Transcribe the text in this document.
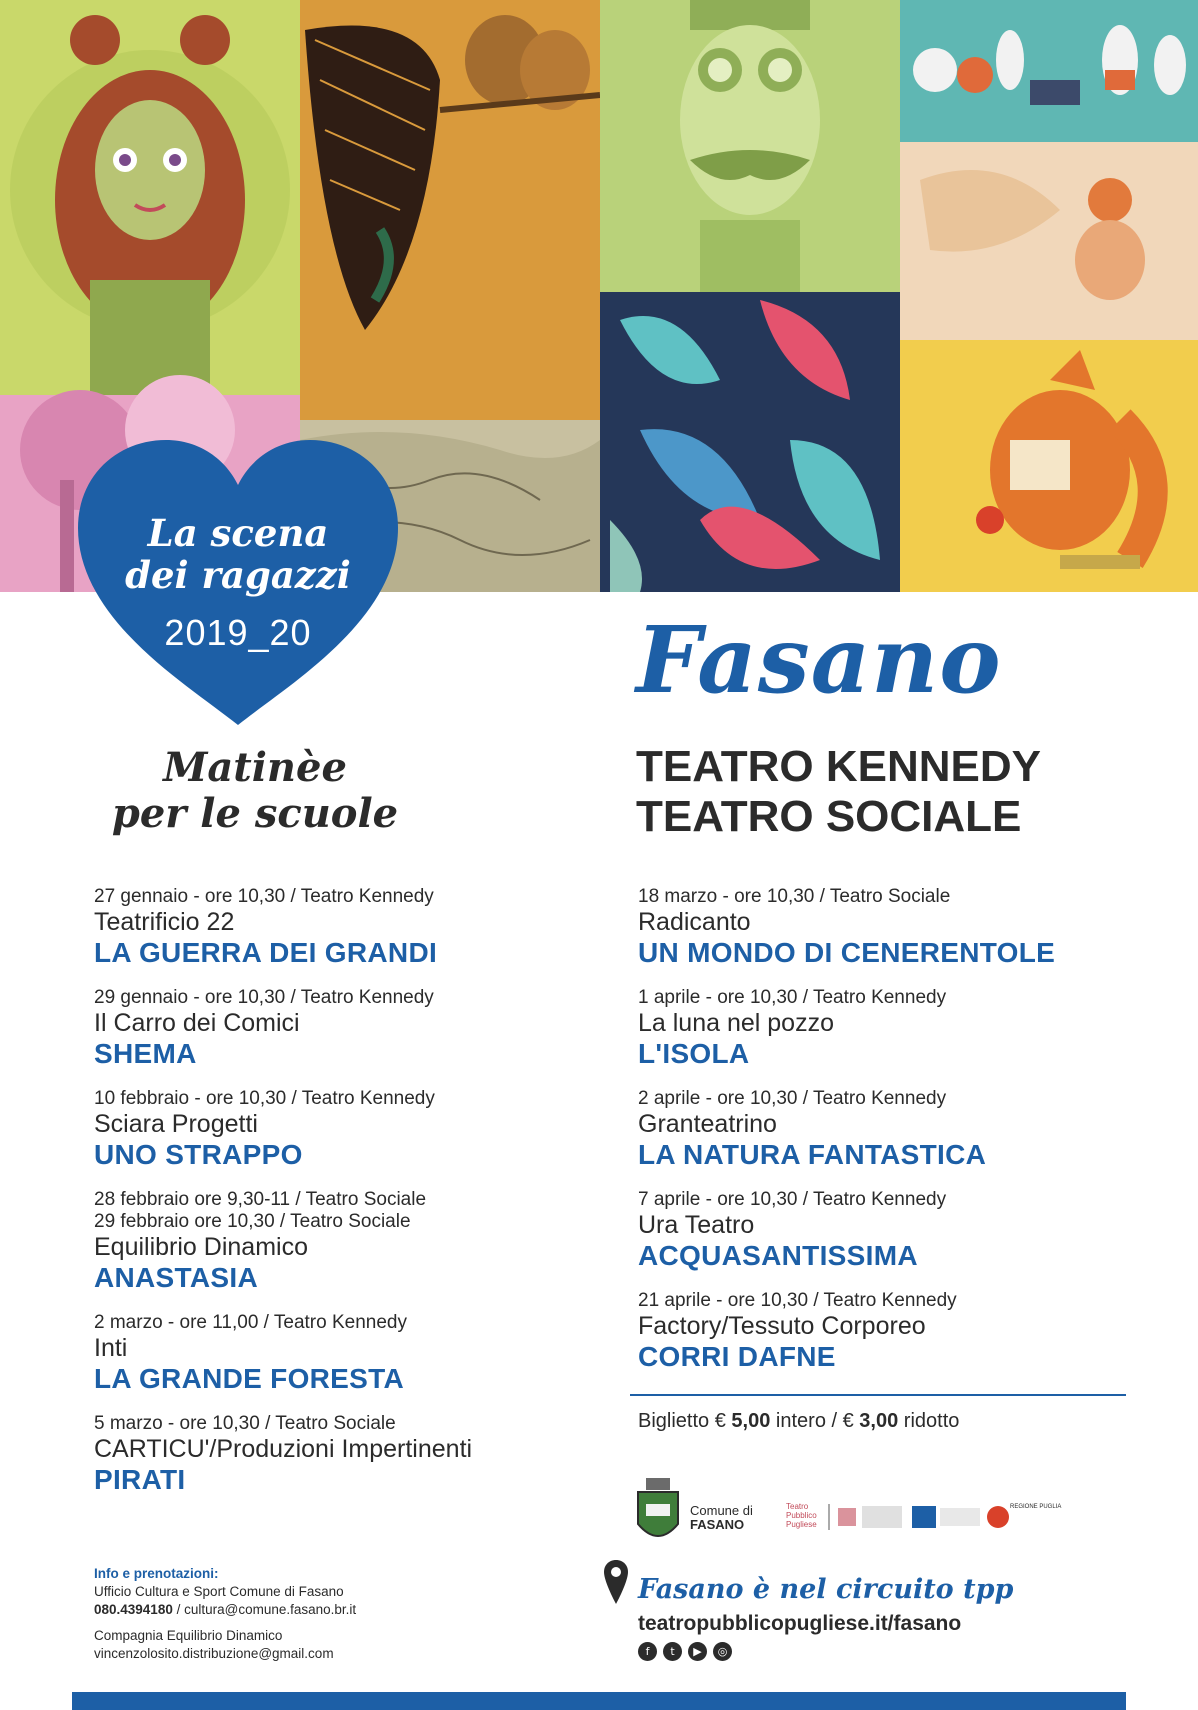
La scena
dei ragazzi
2019_20
Matinèe
per le scuole
Fasano
TEATRO KENNEDY
TEATRO SOCIALE
27 gennaio - ore 10,30 / Teatro Kennedy
Teatrificio 22
LA GUERRA DEI GRANDI
29 gennaio - ore 10,30 / Teatro Kennedy
Il Carro dei Comici
SHEMA
10 febbraio - ore 10,30 / Teatro Kennedy
Sciara Progetti
UNO STRAPPO
28 febbraio ore 9,30-11 / Teatro Sociale
29 febbraio ore 10,30 / Teatro Sociale
Equilibrio Dinamico
ANASTASIA
2 marzo - ore 11,00 / Teatro Kennedy
Inti
LA GRANDE FORESTA
5 marzo - ore 10,30 / Teatro Sociale
CARTICU'/Produzioni Impertinenti
PIRATI
18 marzo - ore 10,30 / Teatro Sociale
Radicanto
UN MONDO DI CENERENTOLE
1 aprile - ore 10,30 / Teatro Kennedy
La luna nel pozzo
L'ISOLA
2 aprile - ore 10,30 / Teatro Kennedy
Granteatrino
LA NATURA FANTASTICA
7 aprile - ore 10,30 / Teatro Kennedy
Ura Teatro
ACQUASANTISSIMA
21 aprile - ore 10,30 / Teatro Kennedy
Factory/Tessuto Corporeo
CORRI DAFNE
Biglietto € 5,00 intero / € 3,00 ridotto
Comune di
FASANO
Teatro
Pubblico
Pugliese
REGIONE PUGLIA
Fasano è nel circuito tpp
teatropubblicopugliese.it/fasano
f	t	▶	◎
Info e prenotazioni:
Ufficio Cultura e Sport Comune di Fasano
080.4394180 / cultura@comune.fasano.br.it
Compagnia Equilibrio Dinamico
vincenzolosito.distribuzione@gmail.com
